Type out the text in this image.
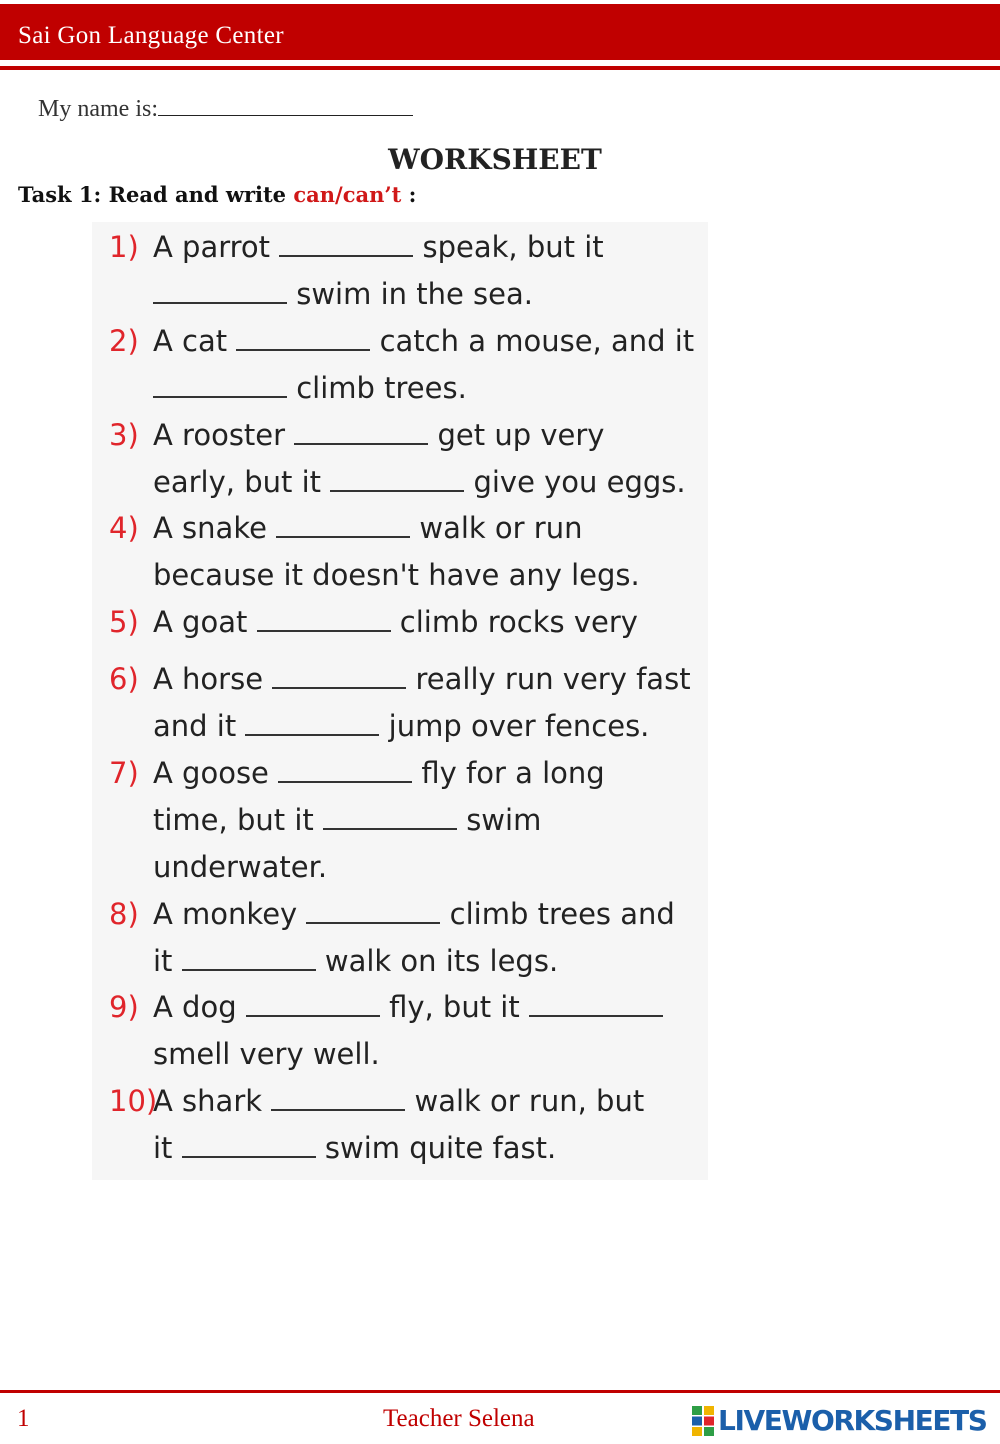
Sai Gon Language Center
My name is:
WORKSHEET
Task 1: Read and write can/can’t :
1) A parrot	speak, but it
swim in the sea.
2) A cat	catch a mouse, and it
climb trees.
3) A rooster	get up very
early, but it	give you eggs.
4) A snake	walk or run
because it doesn't have any legs.
5) A goat	climb rocks very
6) A horse	really run very fast
and it	jump over fences.
7) A goose	fly for a long
time, but it	swim
underwater.
8) A monkey	climb trees and
it	walk on its legs.
9) A dog	fly, but it
smell very well.
10)
A shark	walk or run, but
it	swim quite fast.
1	Teacher Selena	LIVEWORKSHEETS
